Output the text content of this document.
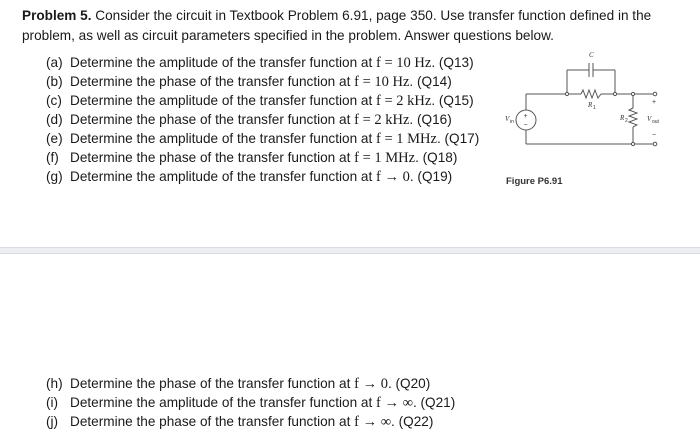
Problem 5. Consider the circuit in Textbook Problem 6.91, page 350. Use transfer function defined in the problem, as well as circuit parameters specified in the problem. Answer questions below.
(a) Determine the amplitude of the transfer function at f = 10 Hz. (Q13)
(b) Determine the phase of the transfer function at f = 10 Hz. (Q14)
(c) Determine the amplitude of the transfer function at f = 2 kHz. (Q15)
(d) Determine the phase of the transfer function at f = 2 kHz. (Q16)
(e) Determine the amplitude of the transfer function at f = 1 MHz. (Q17)
(f) Determine the phase of the transfer function at f = 1 MHz. (Q18)
(g) Determine the amplitude of the transfer function at f → 0. (Q19)
+
−
C
R 1
R 2
V in
+
V out
−
Figure P6.91
(h) Determine the phase of the transfer function at f → 0. (Q20)
(i) Determine the amplitude of the transfer function at f → ∞. (Q21)
(j) Determine the phase of the transfer function at f → ∞. (Q22)
